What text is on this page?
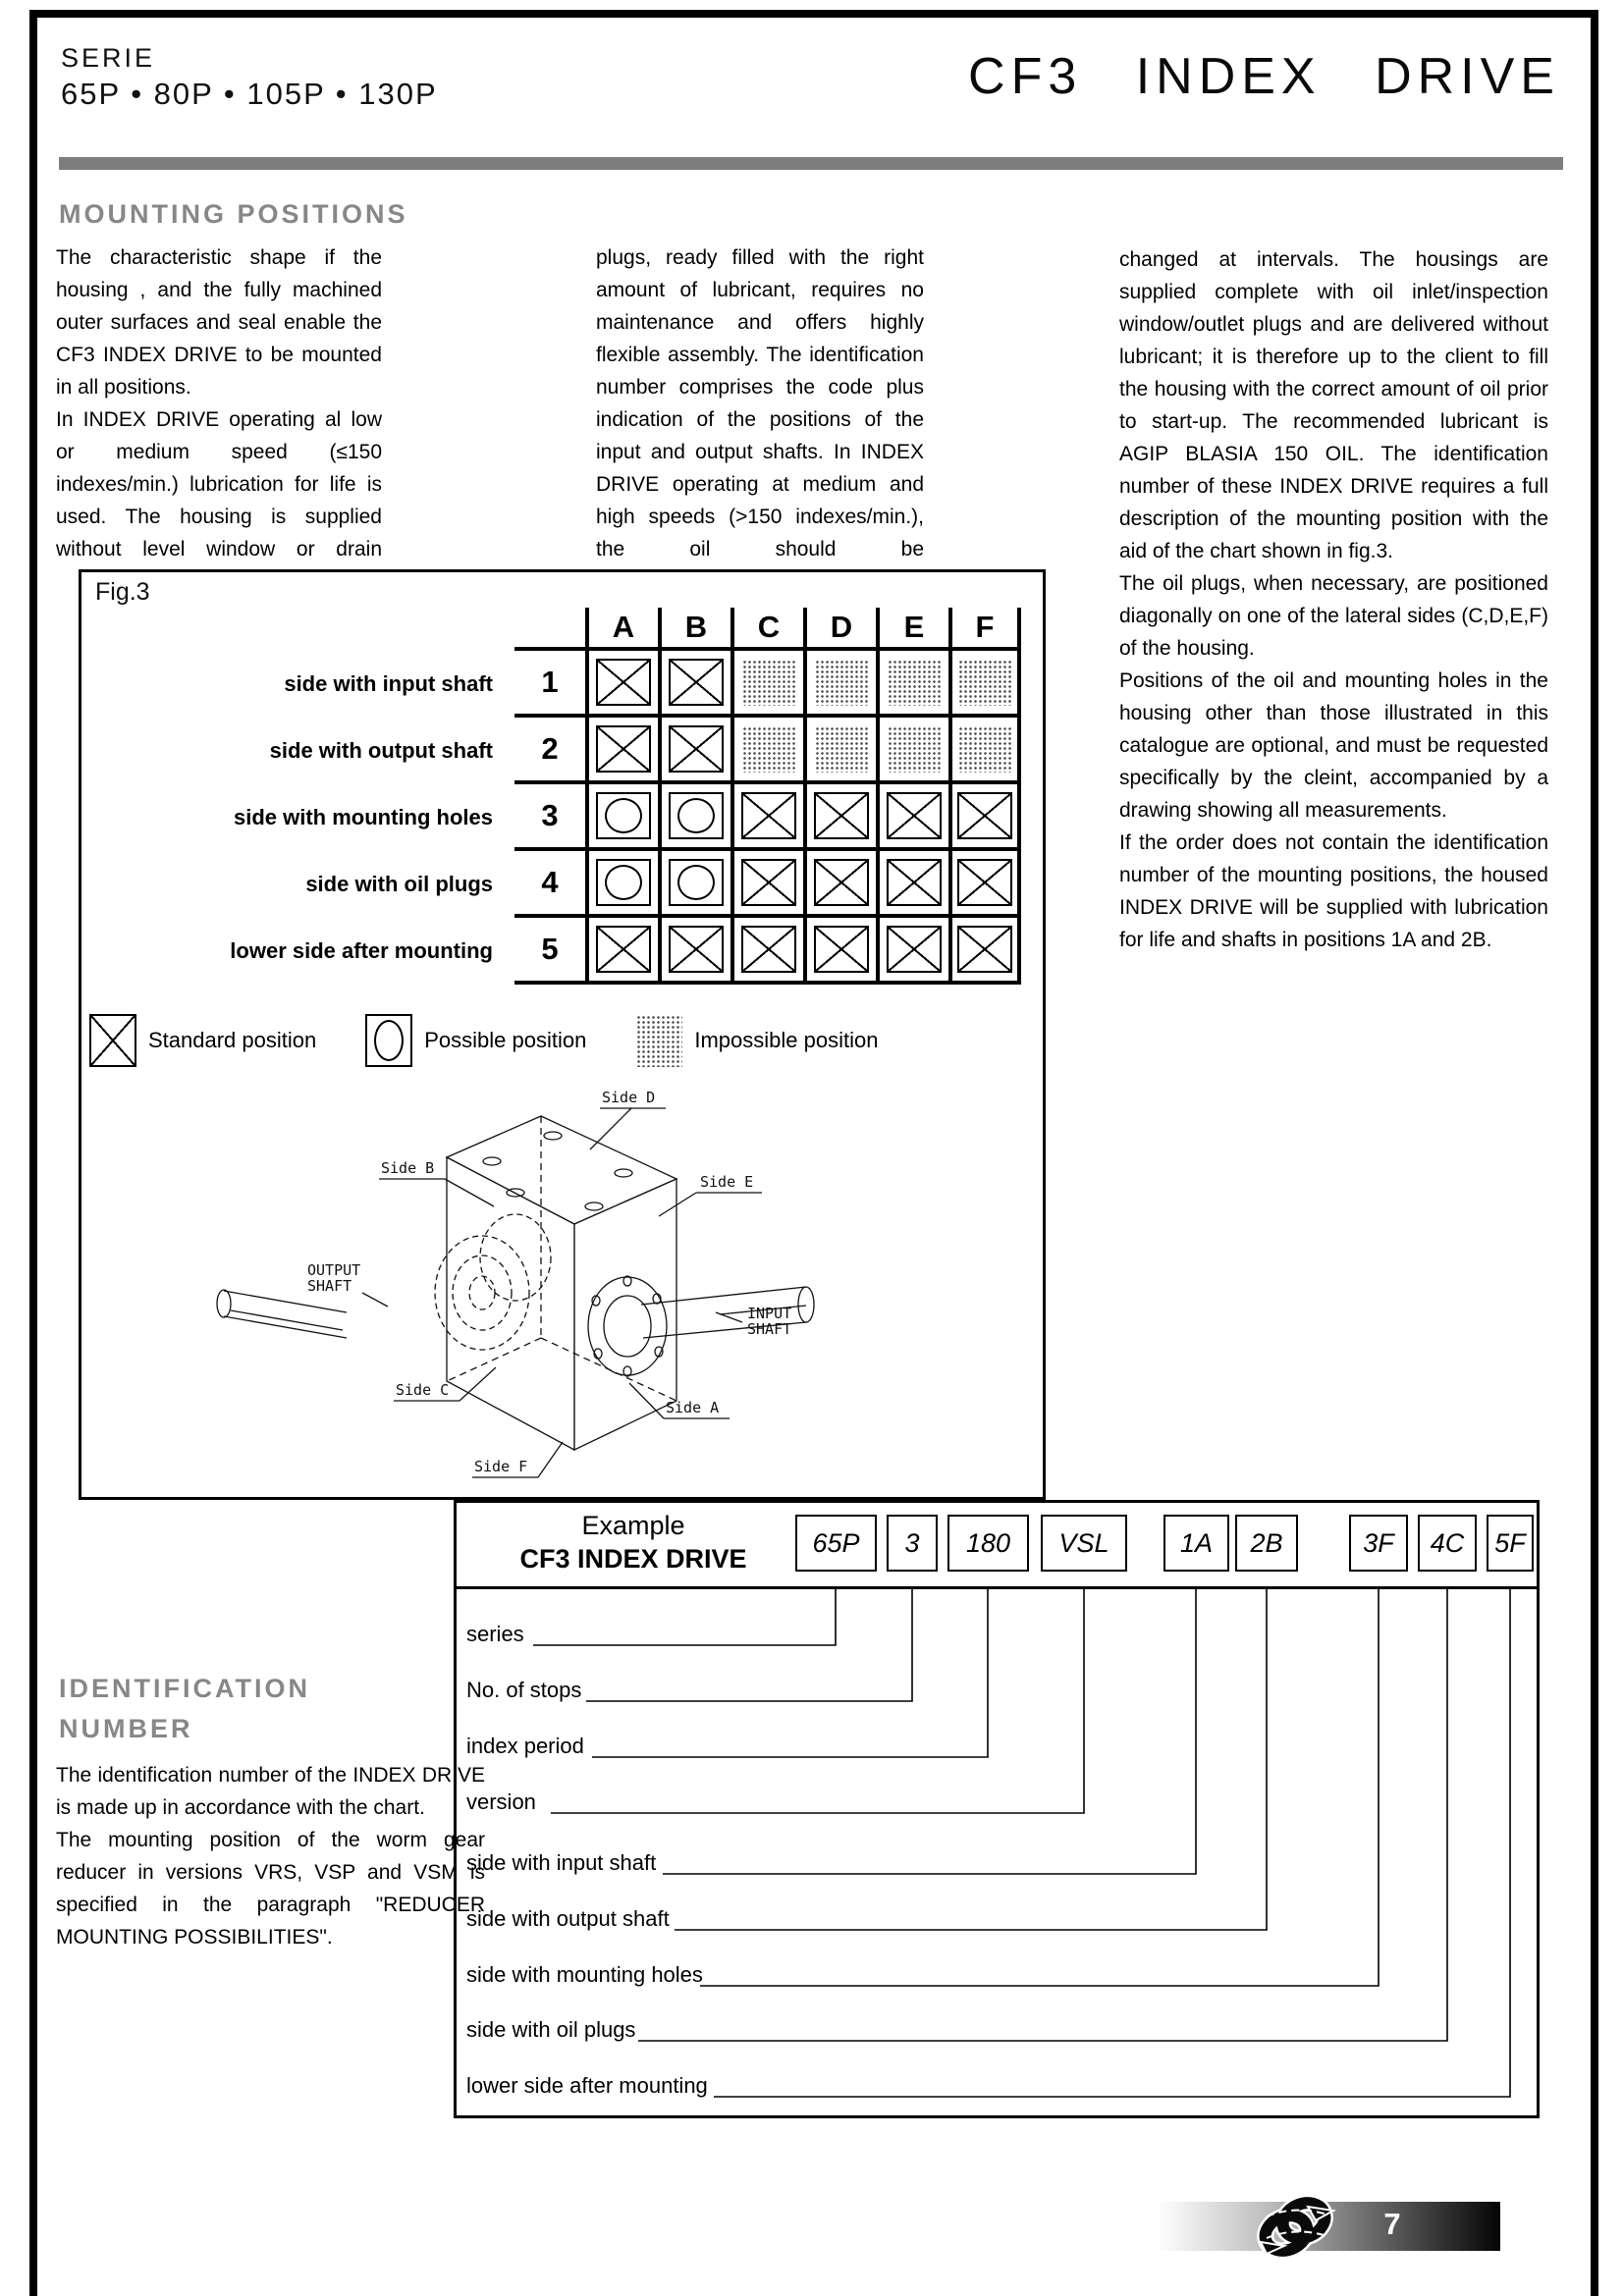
SERIE
65P • 80P • 105P • 130P	CF3 INDEX DRIVE
MOUNTING POSITIONS

The characteristic shape if the housing , and the fully machined outer surfaces and seal enable the CF3 INDEX DRIVE to be mounted in all positions.

In INDEX DRIVE operating al low or medium speed (≤150 indexes/min.) lubrication for life is used. The housing is supplied without level window or drain

plugs, ready filled with the right amount of lubricant, requires no maintenance and offers highly flexible assembly. The identification number comprises the code plus indication of the positions of the input and output shafts. In INDEX DRIVE operating at medium and high speeds (>150 indexes/min.), the oil should be

changed at intervals. The housings are supplied complete with oil inlet/inspection window/outlet plugs and are delivered without lubricant; it is therefore up to the client to fill the housing with the correct amount of oil prior to start-up. The recommended lubricant is AGIP BLASIA 150 OIL. The identification number of these INDEX DRIVE requires a full description of the mounting position with the aid of the chart shown in fig.3.

The oil plugs, when necessary, are positioned diagonally on one of the lateral sides (C,D,E,F) of the housing.

Positions of the oil and mounting holes in the housing other than those illustrated in this catalogue are optional, and must be requested specifically by the cleint, accompanied by a drawing showing all measurements.

If the order does not contain the identification number of the mounting positions, the housed INDEX DRIVE will be supplied with lubrication for life and shafts in positions 1A and 2B.

Fig.3
A	B	C	D	E	F
side with input shaft	1
side with output shaft	2
side with mounting holes	3
side with oil plugs	4
lower side after mounting	5
Standard position	Possible position	Impossible position
Side D
Side B
Side E
Side C
Side A
Side F
OUTPUT
SHAFT
INPUT
SHAFT
IDENTIFICATION
NUMBER

The identification number of the INDEX DRIVE is made up in accordance with the chart.

The mounting position of the worm gear reducer in versions VRS, VSP and VSM is specified in the paragraph "REDUCER MOUNTING POSSIBILITIES".

Example
CF3 INDEX DRIVE
65P	3	180	VSL	1A	2B	3F	4C	5F
series
No. of stops
index period
version
side with input shaft
side with output shaft
side with mounting holes
side with oil plugs
lower side after mounting
7
